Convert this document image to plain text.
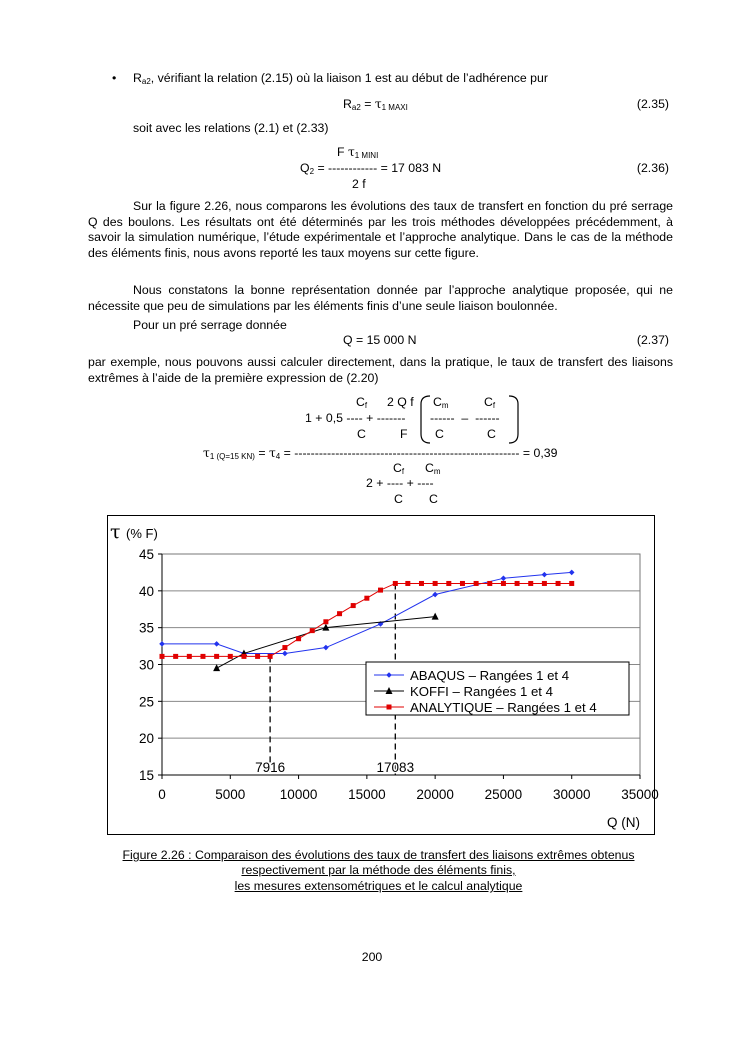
• $R_{a2}$, vérifiant la relation (2.15) où la liaison 1 est au début de l’adhérence pur
$R_{a2} = \tau_{1 MAXI}$	(2.35)
soit avec les relations (2.1) et (2.33)
F $\tau_{1 MINI}$
$Q_2$ = ------------ = 17 083 N	(2.36)
2 f
Sur la figure 2.26, nous comparons les évolutions des taux de transfert en fonction du pré serrage Q des boulons. Les résultats ont été déterminés par les trois méthodes développées précédemment, à savoir la simulation numérique, l’étude expérimentale et l’approche analytique. Dans le cas de la méthode des éléments finis, nous avons reporté les taux moyens sur cette figure.
Nous constatons la bonne représentation donnée par l’approche analytique proposée, qui ne nécessite que peu de simulations par les éléments finis d’une seule liaison boulonnée.
Pour un pré serrage donnée
Q = 15 000 N	(2.37)
par exemple, nous pouvons aussi calculer directement, dans la pratique, le taux de transfert des liaisons extrêmes à l’aide de la première expression de (2.20)
$C_f$ 2 Q f $C_m$	$C_f$
1 + 0,5 ---- + ------- ------  –  ------
C	F C	C
$\tau_{1 (Q=15 KN)} = \tau_4$ = ------------------------------------------------------- = 0,39
$C_f$ $C_m$
2 + ---- + ----
C C
15
20
25
30
35
40
45
0	5000	10000 15000 20000 25000 30000 35000
τ (% F)
Q (N)
7916	17083
ABAQUS – Rangées 1 et 4
KOFFI – Rangées 1 et 4
ANALYTIQUE – Rangées 1 et 4
Figure 2.26 : Comparaison des évolutions des taux de transfert des liaisons extrêmes obtenus
respectivement par la méthode des éléments finis,
les mesures extensométriques et le calcul analytique
200
